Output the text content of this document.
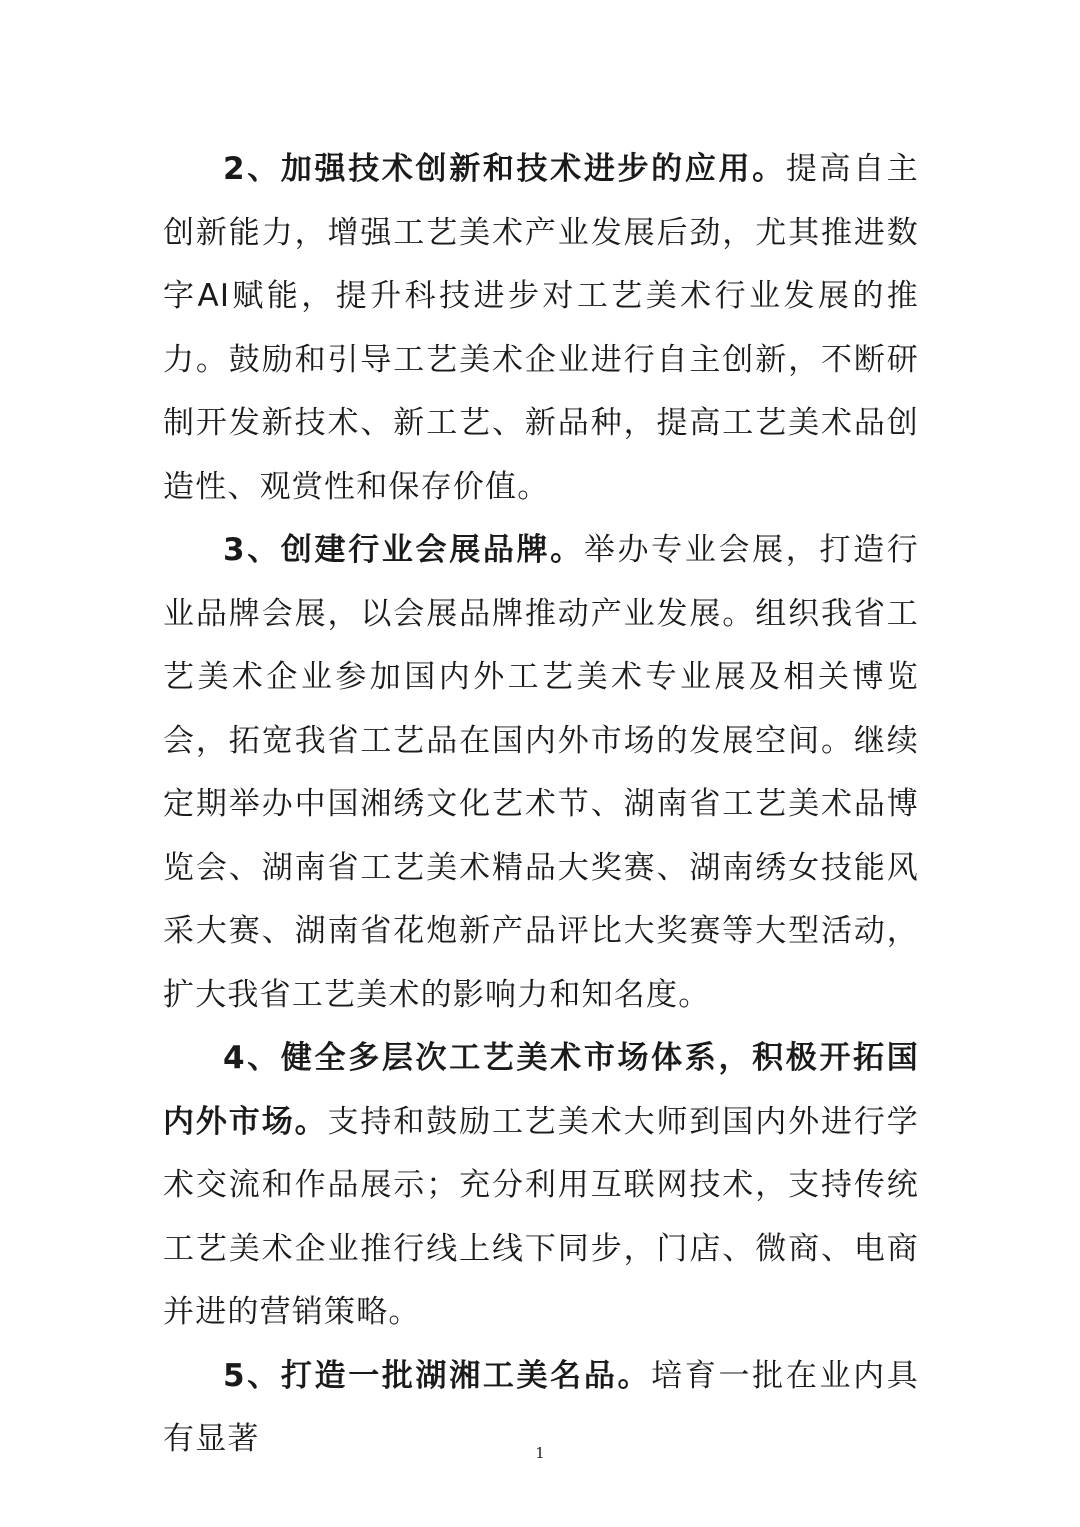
2、加强技术创新和技术进步的应用。提高自主创新能力，增强工艺美术产业发展后劲，尤其推进数字AI赋能，提升科技进步对工艺美术行业发展的推力。鼓励和引导工艺美术企业进行自主创新，不断研制开发新技术、新工艺、新品种，提高工艺美术品创造性、观赏性和保存价值。

3、创建行业会展品牌。举办专业会展，打造行业品牌会展，以会展品牌推动产业发展。组织我省工艺美术企业参加国内外工艺美术专业展及相关博览会，拓宽我省工艺品在国内外市场的发展空间。继续定期举办中国湘绣文化艺术节、湖南省工艺美术品博览会、湖南省工艺美术精品大奖赛、湖南绣女技能风采大赛、湖南省花炮新产品评比大奖赛等大型活动，扩大我省工艺美术的影响力和知名度。

4、健全多层次工艺美术市场体系，积极开拓国内外市场。支持和鼓励工艺美术大师到国内外进行学术交流和作品展示；充分利用互联网技术，支持传统工艺美术企业推行线上线下同步，门店、微商、电商并进的营销策略。

5、打造一批湖湘工美名品。培育一批在业内具有显著	1
